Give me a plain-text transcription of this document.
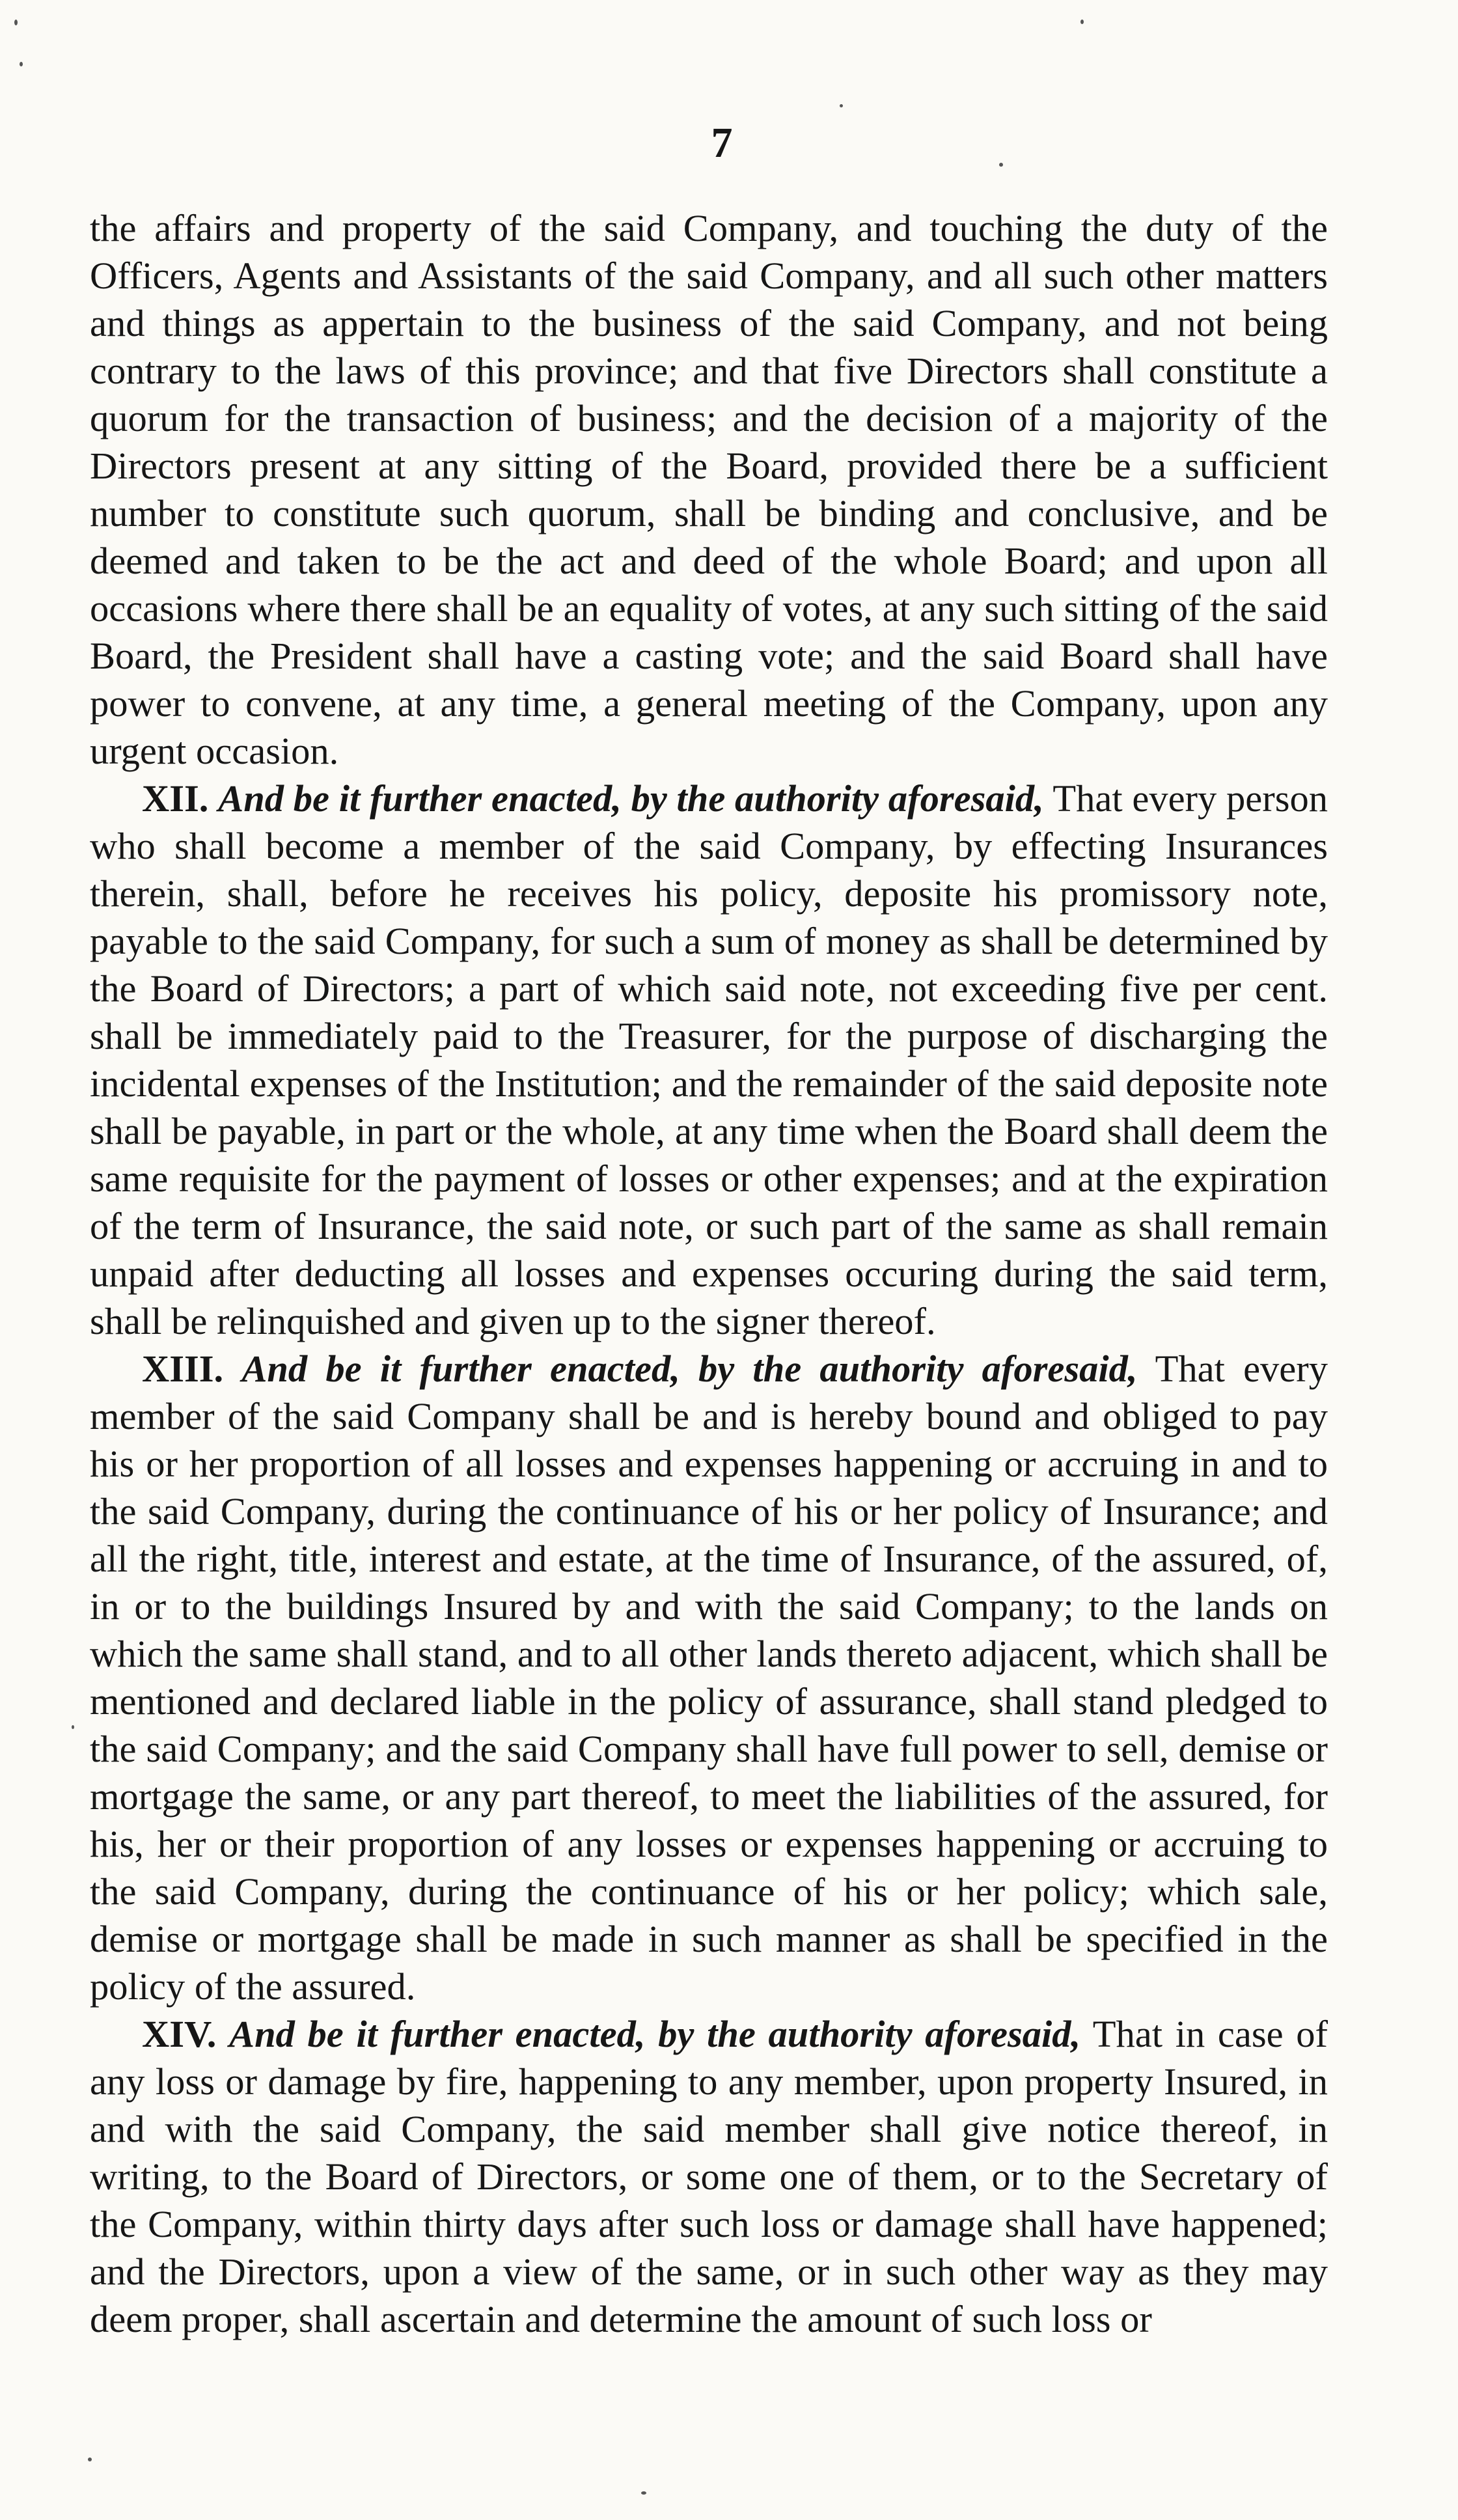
7

the affairs and property of the said Company, and touching the duty of the Officers, Agents and Assistants of the said Company, and all such other matters and things as appertain to the business of the said Company, and not being contrary to the laws of this province; and that five Directors shall constitute a quorum for the transaction of business; and the decision of a majority of the Directors present at any sitting of the Board, provided there be a sufficient number to constitute such quorum, shall be binding and conclusive, and be deemed and taken to be the act and deed of the whole Board; and upon all occasions where there shall be an equality of votes, at any such sitting of the said Board, the President shall have a casting vote; and the said Board shall have power to convene, at any time, a general meeting of the Company, upon any urgent occasion.

XII. And be it further enacted, by the authority aforesaid, That every person who shall become a member of the said Company, by effecting Insurances therein, shall, before he receives his policy, deposite his promissory note, payable to the said Company, for such a sum of money as shall be determined by the Board of Directors; a part of which said note, not exceeding five per cent. shall be immediately paid to the Treasurer, for the purpose of discharging the incidental expenses of the Institution; and the remainder of the said deposite note shall be payable, in part or the whole, at any time when the Board shall deem the same requisite for the payment of losses or other expenses; and at the expiration of the term of Insurance, the said note, or such part of the same as shall remain unpaid after deducting all losses and expenses occuring during the said term, shall be relinquished and given up to the signer thereof.

XIII. And be it further enacted, by the authority aforesaid, That every member of the said Company shall be and is hereby bound and obliged to pay his or her proportion of all losses and expenses happening or accruing in and to the said Company, during the continuance of his or her policy of Insurance; and all the right, title, interest and estate, at the time of Insurance, of the assured, of, in or to the buildings Insured by and with the said Company; to the lands on which the same shall stand, and to all other lands thereto adjacent, which shall be mentioned and declared liable in the policy of assurance, shall stand pledged to the said Company; and the said Company shall have full power to sell, demise or mortgage the same, or any part thereof, to meet the liabilities of the assured, for his, her or their proportion of any losses or expenses happening or accruing to the said Company, during the continuance of his or her policy; which sale, demise or mortgage shall be made in such manner as shall be specified in the policy of the assured.

XIV. And be it further enacted, by the authority aforesaid, That in case of any loss or damage by fire, happening to any member, upon property Insured, in and with the said Company, the said member shall give notice thereof, in writing, to the Board of Directors, or some one of them, or to the Secretary of the Company, within thirty days after such loss or damage shall have happened; and the Directors, upon a view of the same, or in such other way as they may deem proper, shall ascertain and determine the amount of such loss or
